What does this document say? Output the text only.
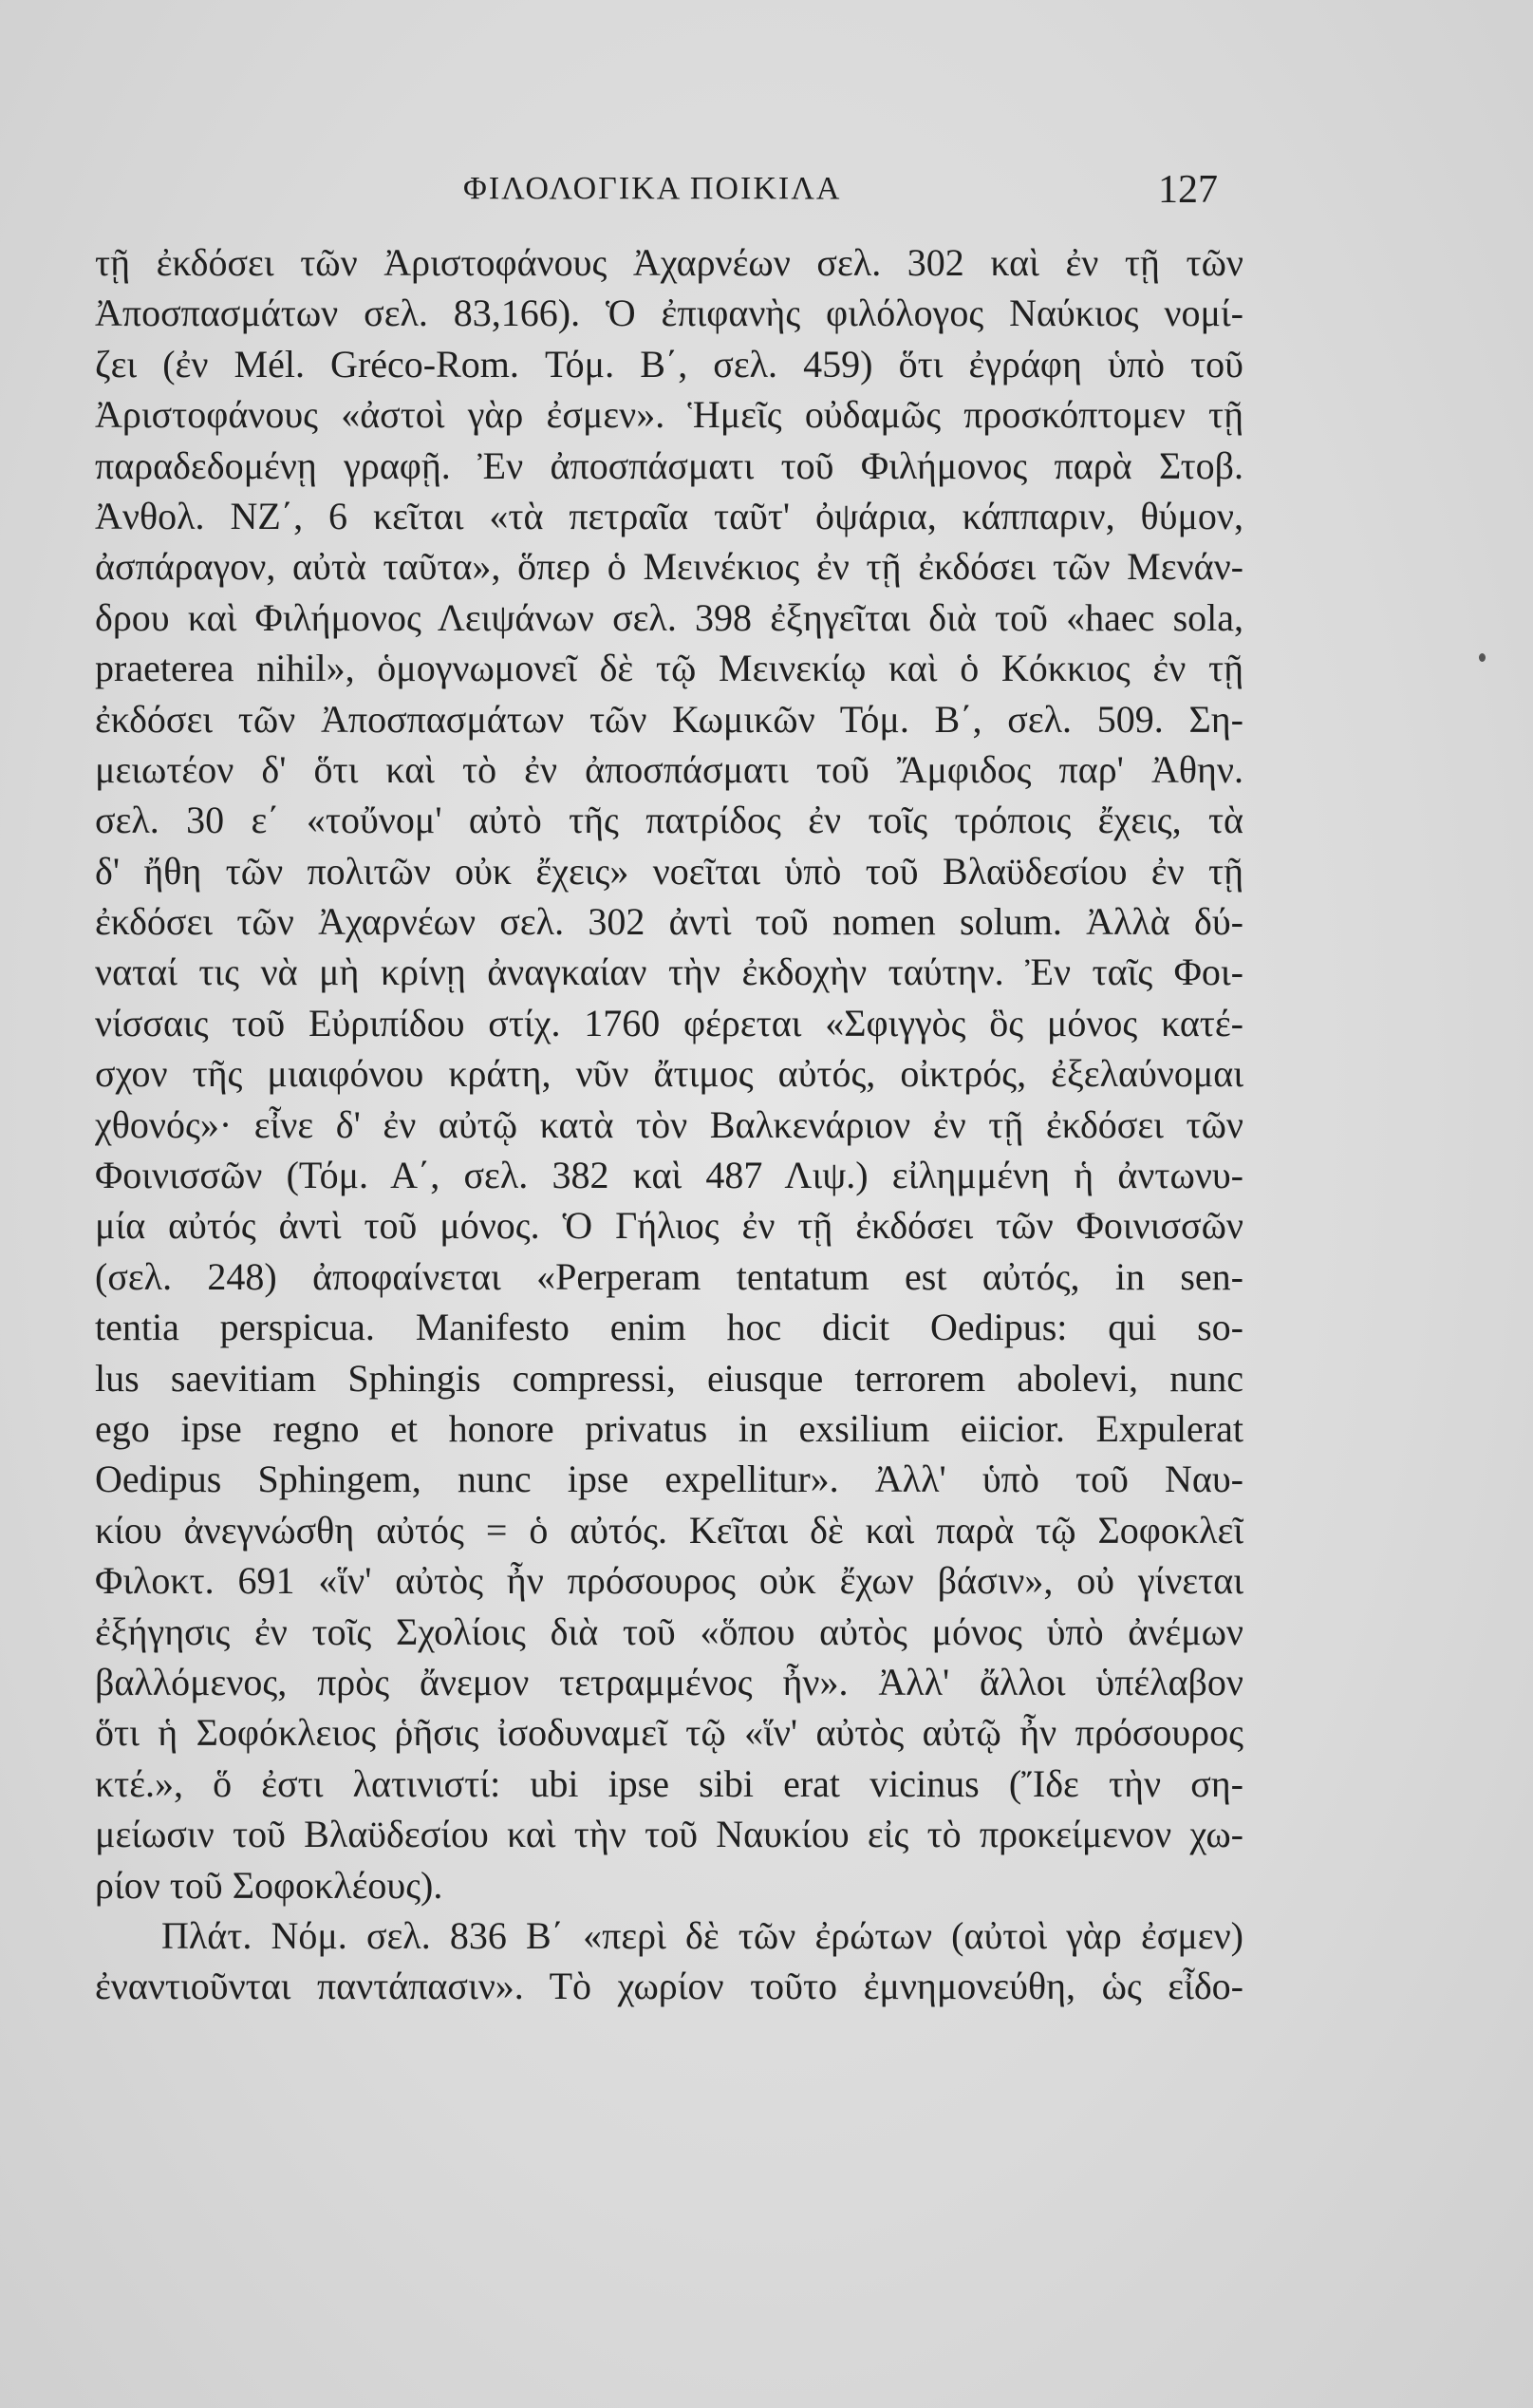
ΦΙΛΟΛΟΓΙΚΑ ΠΟΙΚΙΛΑ	127
τῇ ἐκδόσει τῶν Ἀριστοφάνους Ἀχαρνέων σελ. 302 καὶ ἐν τῇ τῶν
Ἀποσπασμάτων σελ. 83,166). Ὁ ἐπιφανὴς φιλόλογος Ναύκιος νομί-
ζει (ἐν Mél. Gréco-Rom. Τόμ. Β΄, σελ. 459) ὅτι ἐγράφη ὑπὸ τοῦ
Ἀριστοφάνους «ἀστοὶ γὰρ ἐσμεν». Ἡμεῖς οὐδαμῶς προσκόπτομεν τῇ
παραδεδομένῃ γραφῇ. Ἐν ἀποσπάσματι τοῦ Φιλήμονος παρὰ Στοβ.
Ἀνθολ. ΝΖ΄, 6 κεῖται «τὰ πετραῖα ταῦτ' ὀψάρια, κάππαριν, θύμον,
ἀσπάραγον, αὐτὰ ταῦτα», ὅπερ ὁ Μεινέκιος ἐν τῇ ἐκδόσει τῶν Μενάν-
δρου καὶ Φιλήμονος Λειψάνων σελ. 398 ἐξηγεῖται διὰ τοῦ «haec sola,
praeterea nihil», ὁμογνωμονεῖ δὲ τῷ Μεινεκίῳ καὶ ὁ Κόκκιος ἐν τῇ
ἐκδόσει τῶν Ἀποσπασμάτων τῶν Κωμικῶν Τόμ. Β΄, σελ. 509. Ση-
μειωτέον δ' ὅτι καὶ τὸ ἐν ἀποσπάσματι τοῦ Ἄμφιδος παρ' Ἀθην.
σελ. 30 ε΄ «τοὔνομ' αὐτὸ τῆς πατρίδος ἐν τοῖς τρόποις ἔχεις, τὰ
δ' ἤθη τῶν πολιτῶν οὐκ ἔχεις» νοεῖται ὑπὸ τοῦ Βλαϋδεσίου ἐν τῇ
ἐκδόσει τῶν Ἀχαρνέων σελ. 302 ἀντὶ τοῦ nomen solum. Ἀλλὰ δύ-
ναταί τις νὰ μὴ κρίνῃ ἀναγκαίαν τὴν ἐκδοχὴν ταύτην. Ἐν ταῖς Φοι-
νίσσαις τοῦ Εὐριπίδου στίχ. 1760 φέρεται «Σφιγγὸς ὃς μόνος κατέ-
σχον τῆς μιαιφόνου κράτη, νῦν ἄτιμος αὐτός, οἰκτρός, ἐξελαύνομαι
χθονός»· εἶνε δ' ἐν αὐτῷ κατὰ τὸν Βαλκενάριον ἐν τῇ ἐκδόσει τῶν
Φοινισσῶν (Τόμ. Α΄, σελ. 382 καὶ 487 Λιψ.) εἰλημμένη ἡ ἀντωνυ-
μία αὐτός ἀντὶ τοῦ μόνος. Ὁ Γήλιος ἐν τῇ ἐκδόσει τῶν Φοινισσῶν
(σελ. 248) ἀποφαίνεται «Perperam tentatum est αὐτός, in sen-
tentia perspicua. Manifesto enim hoc dicit Oedipus: qui so-
lus saevitiam Sphingis compressi, eiusque terrorem abolevi, nunc
ego ipse regno et honore privatus in exsilium eiicior. Expulerat
Oedipus Sphingem, nunc ipse expellitur». Ἀλλ' ὑπὸ τοῦ Ναυ-
κίου ἀνεγνώσθη αὐτός = ὁ αὐτός. Κεῖται δὲ καὶ παρὰ τῷ Σοφοκλεῖ
Φιλοκτ. 691 «ἵν' αὐτὸς ἦν πρόσουρος οὐκ ἔχων βάσιν», οὐ γίνεται
ἐξήγησις ἐν τοῖς Σχολίοις διὰ τοῦ «ὅπου αὐτὸς μόνος ὑπὸ ἀνέμων
βαλλόμενος, πρὸς ἄνεμον τετραμμένος ἦν». Ἀλλ' ἄλλοι ὑπέλαβον
ὅτι ἡ Σοφόκλειος ῥῆσις ἰσοδυναμεῖ τῷ «ἵν' αὐτὸς αὐτῷ ἦν πρόσουρος
κτέ.», ὅ ἐστι λατινιστί: ubi ipse sibi erat vicinus (Ἴδε τὴν ση-
μείωσιν τοῦ Βλαϋδεσίου καὶ τὴν τοῦ Ναυκίου εἰς τὸ προκείμενον χω-
ρίον τοῦ Σοφοκλέους).
Πλάτ. Νόμ. σελ. 836 Β΄ «περὶ δὲ τῶν ἐρώτων (αὐτοὶ γὰρ ἐσμεν)
ἐναντιοῦνται παντάπασιν». Τὸ χωρίον τοῦτο ἐμνημονεύθη, ὡς εἶδο-
